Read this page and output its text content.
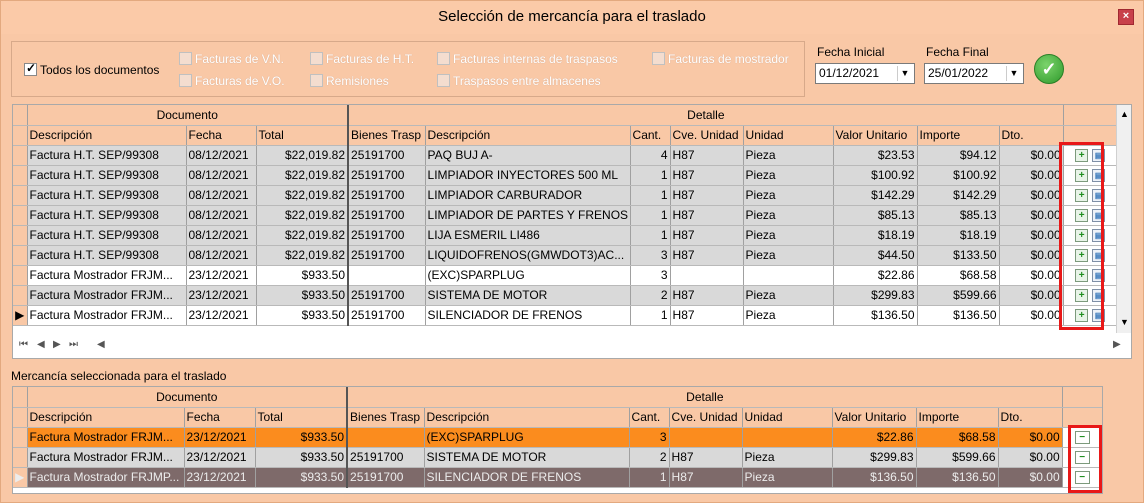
Selección de mercancía para el traslado	×
✓Todos los documentos
Facturas de V.N.	Facturas de H.T.	Facturas internas de traspasos	Facturas de mostrador
Facturas de V.O.	Remisiones	Traspasos entre almacenes
Fecha Inicial
01/12/2021	▼
Fecha Final
25/01/2022	▼	✓
	Documento			Detalle								
	Descripción	Fecha	Total	Bienes Trasp	Descripción	Cant.	Cve. Unidad	Unidad	Valor Unitario	Importe	Dto.	
	Factura H.T. SEP/99308	08/12/2021	$22,019.82	25191700	PAQ BUJ A-	4	H87	Pieza	$23.53	$94.12	$0.00	+ ▤
	Factura H.T. SEP/99308	08/12/2021	$22,019.82	25191700	LIMPIADOR INYECTORES 500 ML	1	H87	Pieza	$100.92	$100.92	$0.00	+ ▤
	Factura H.T. SEP/99308	08/12/2021	$22,019.82	25191700	LIMPIADOR CARBURADOR	1	H87	Pieza	$142.29	$142.29	$0.00	+ ▤
	Factura H.T. SEP/99308	08/12/2021	$22,019.82	25191700	LIMPIADOR DE PARTES Y FRENOS	1	H87	Pieza	$85.13	$85.13	$0.00	+ ▤
	Factura H.T. SEP/99308	08/12/2021	$22,019.82	25191700	LIJA ESMERIL LI486	1	H87	Pieza	$18.19	$18.19	$0.00	+ ▤
	Factura H.T. SEP/99308	08/12/2021	$22,019.82	25191700	LIQUIDOFRENOS(GMWDOT3)AC...	3	H87	Pieza	$44.50	$133.50	$0.00	+ ▤
	Factura Mostrador FRJM...	23/12/2021	$933.50		(EXC)SPARPLUG	3			$22.86	$68.58	$0.00	+ ▤
	Factura Mostrador FRJM...	23/12/2021	$933.50	25191700	SISTEMA DE MOTOR	2	H87	Pieza	$299.83	$599.66	$0.00	+ ▤
▶	Factura Mostrador FRJM...	23/12/2021	$933.50	25191700	SILENCIADOR DE FRENOS	1	H87	Pieza	$136.50	$136.50	$0.00	+ ▤
▲
▼
⏮ ◀ ▶ ⏭ ◀	▶
Mercancía seleccionada para el traslado
	Documento			Detalle								
	Descripción	Fecha	Total	Bienes Trasp	Descripción	Cant.	Cve. Unidad	Unidad	Valor Unitario	Importe	Dto.	
	Factura Mostrador FRJM...	23/12/2021	$933.50		(EXC)SPARPLUG	3			$22.86	$68.58	$0.00	−
	Factura Mostrador FRJM...	23/12/2021	$933.50	25191700	SISTEMA DE MOTOR	2	H87	Pieza	$299.83	$599.66	$0.00	−
▶	Factura Mostrador FRJMP...	23/12/2021	$933.50	25191700	SILENCIADOR DE FRENOS	1	H87	Pieza	$136.50	$136.50	$0.00	−
